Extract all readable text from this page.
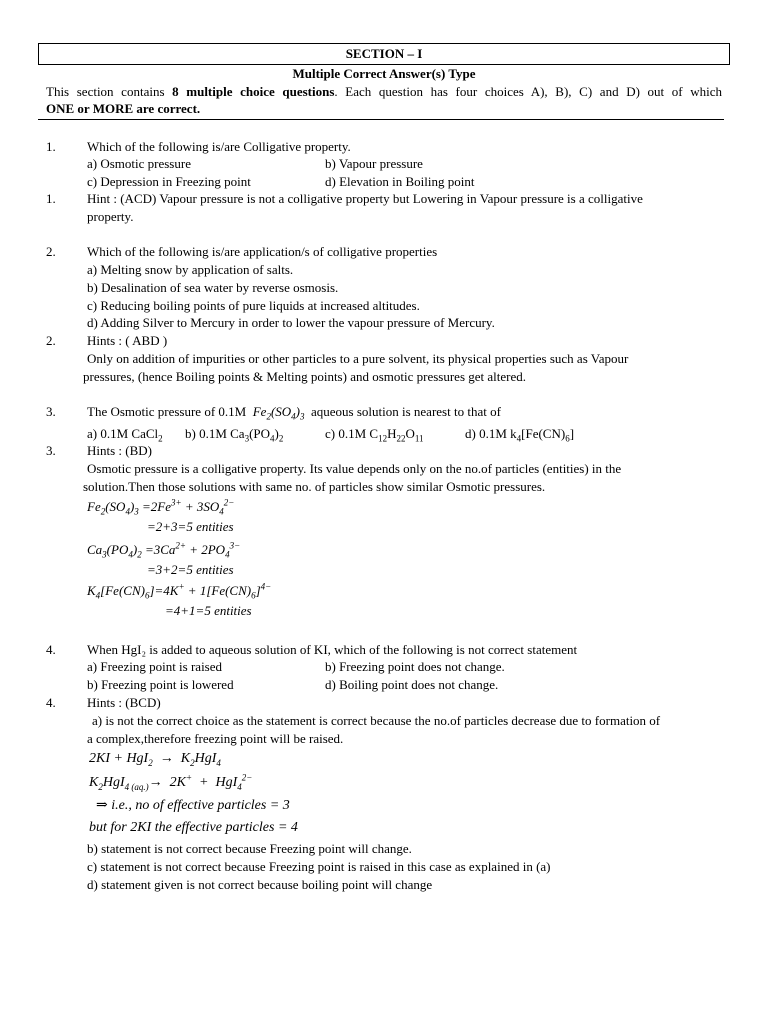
SECTION – I
Multiple Correct Answer(s) Type
This section contains 8 multiple choice questions. Each question has four choices A), B), C) and D) out of which
ONE or MORE are correct.
1. Which of the following is/are Colligative property.
a) Osmotic pressure	b) Vapour pressure
c) Depression in Freezing point	d) Elevation in Boiling point
1. Hint : (ACD) Vapour pressure is not a colligative property but Lowering in Vapour pressure is a colligative
property.
2. Which of the following is/are application/s of colligative properties
a) Melting snow by application of salts.
b) Desalination of sea water by reverse osmosis.
c) Reducing boiling points of pure liquids at increased altitudes.
d) Adding Silver to Mercury in order to lower the vapour pressure of Mercury.
2. Hints : ( ABD )
Only on addition of impurities or other particles to a pure solvent, its physical properties such as Vapour
pressures, (hence Boiling points & Melting points) and osmotic pressures get altered.
3. The Osmotic pressure of 0.1M  $Fe_2(SO_4)_3$ aqueous solution is nearest to that of
a) 0.1M CaCl$_2$ b) 0.1M $Ca_3(PO_4)_2$	c) 0.1M $C_{12}H_{22}O_{11}$	d) 0.1M $k_4[Fe(CN)_6]$
3. Hints : (BD)
Osmotic pressure is a colligative property. Its value depends only on the no.of particles (entities) in the
solution.Then those solutions with same no. of particles show similar Osmotic pressures.
$Fe_2(SO_4)_3 =2Fe^{3+} + 3SO_4^{2-}$
=2+3=5 entities
$Ca_3(PO_4)_2 =3Ca^{2+} + 2PO_4^{3-}$
=3+2=5 entities
$K_4[Fe(CN)_6]=4K^+ + 1[Fe(CN)_6]^{4-}$
=4+1=5 entities
4. When HgI₂ is added to aqueous solution of KI, which of the following is not correct statement
a) Freezing point is raised	b) Freezing point does not change.
b) Freezing point is lowered	d) Boiling point does not change.
4. Hints : (BCD)
a) is not the correct choice as the statement is correct because the no.of particles decrease due to formation of
a complex,therefore freezing point will be raised.
$2KI + HgI_2 \to K_2HgI_4$
$K_2HgI_{4 (aq.)}\to 2K^+ + HgI_4^{2-}$
⇒ i.e., no of effective particles = 3
but for 2KI the effective particles = 4
b) statement is not correct because Freezing point will change.
c) statement is not correct because Freezing point is raised in this case as explained in (a)
d) statement given is not correct because boiling point will change
